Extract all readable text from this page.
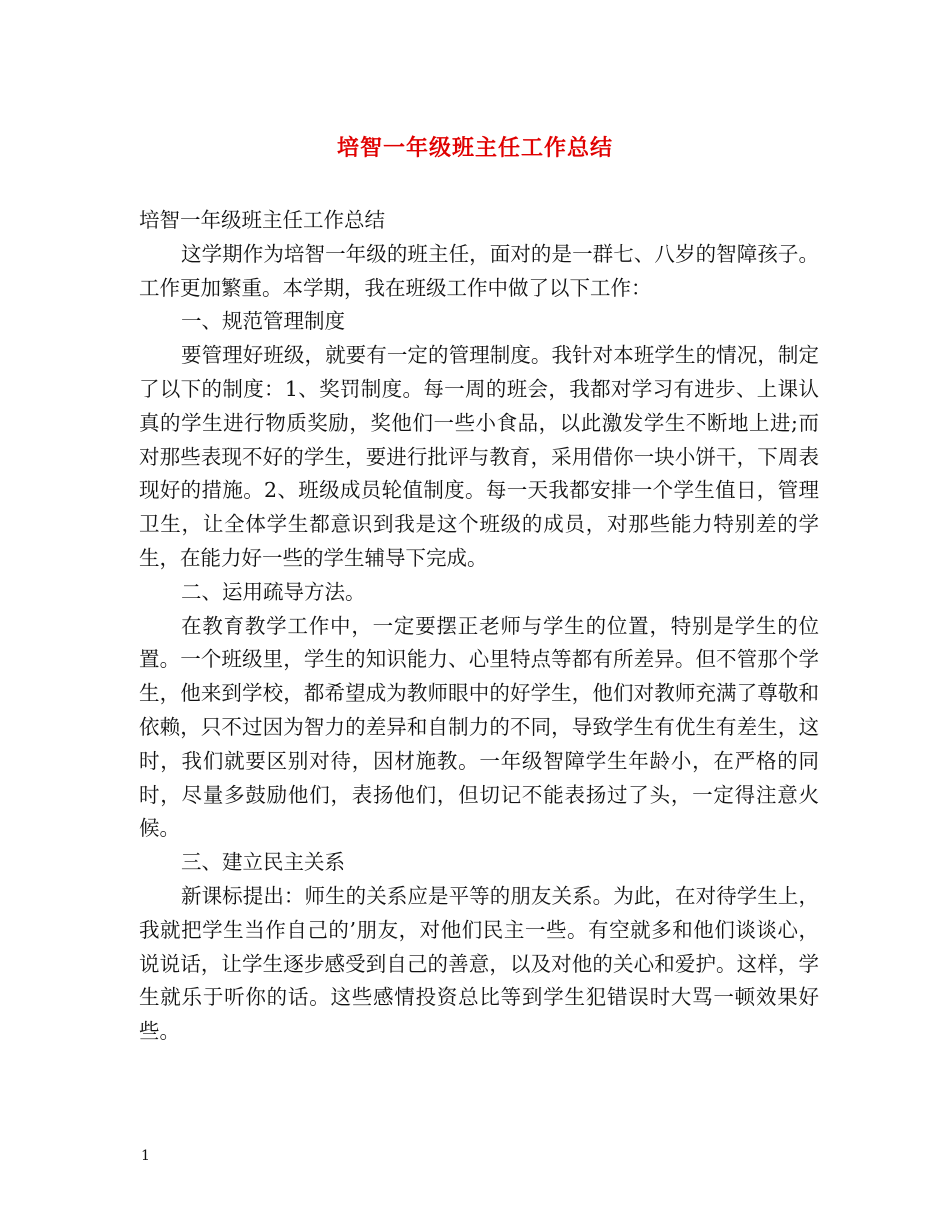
培智一年级班主任工作总结

培智一年级班主任工作总结

这学期作为培智一年级的班主任，面对的是一群七、八岁的智障孩子。工作更加繁重。本学期，我在班级工作中做了以下工作：

一、规范管理制度

要管理好班级，就要有一定的管理制度。我针对本班学生的情况，制定了以下的制度：1、奖罚制度。每一周的班会，我都对学习有进步、上课认真的学生进行物质奖励，奖他们一些小食品，以此激发学生不断地上进;而对那些表现不好的学生，要进行批评与教育，采用借你一块小饼干，下周表现好的措施。2、班级成员轮值制度。每一天我都安排一个学生值日，管理卫生，让全体学生都意识到我是这个班级的成员，对那些能力特别差的学生，在能力好一些的学生辅导下完成。

二、运用疏导方法。

在教育教学工作中，一定要摆正老师与学生的位置，特别是学生的位置。一个班级里，学生的知识能力、心里特点等都有所差异。但不管那个学生，他来到学校，都希望成为教师眼中的好学生，他们对教师充满了尊敬和依赖，只不过因为智力的差异和自制力的不同，导致学生有优生有差生，这时，我们就要区别对待，因材施教。一年级智障学生年龄小，在严格的同时，尽量多鼓励他们，表扬他们，但切记不能表扬过了头，一定得注意火候。

三、建立民主关系

新课标提出：师生的关系应是平等的朋友关系。为此，在对待学生上，我就把学生当作自己的’朋友，对他们民主一些。有空就多和他们谈谈心，说说话，让学生逐步感受到自己的善意，以及对他的关心和爱护。这样，学生就乐于听你的话。这些感情投资总比等到学生犯错误时大骂一顿效果好些。

1
